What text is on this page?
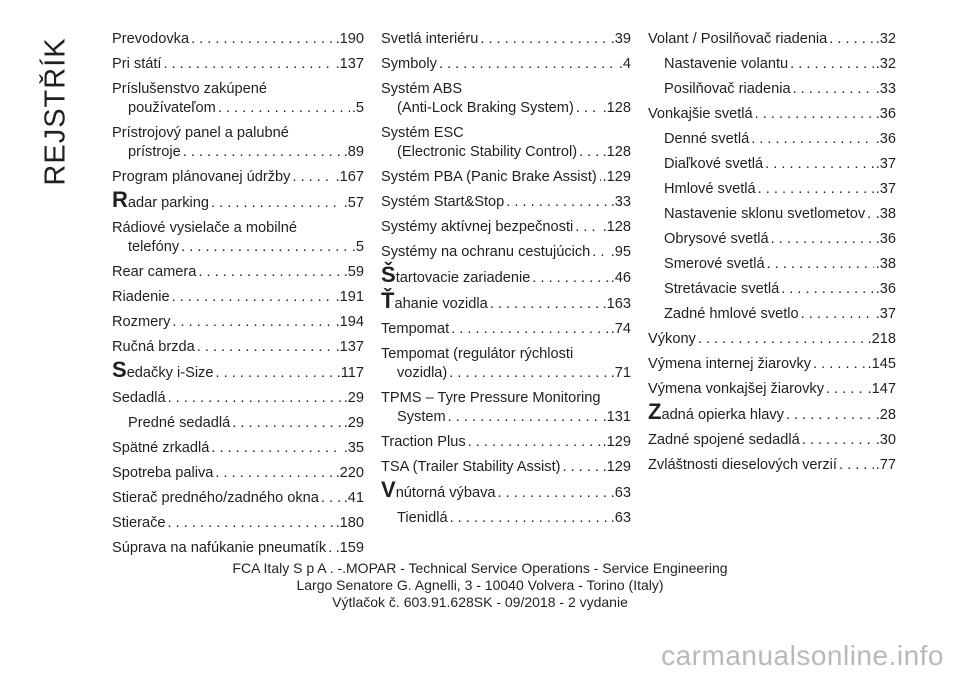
REJSTŘÍK	Prevodovka . . .	.190
Pri státí . . .	.137
Príslušenstvo zakúpené
používateľom . . .	.5
Prístrojový panel a palubné
prístroje . . .	.89
Program plánovanej údržby . . .	.167
Radar parking . . .	.57
Rádiové vysielače a mobilné
telefóny . . .	.5
Rear camera . . .	.59
Riadenie . . .	.191
Rozmery . . .	.194
Ručná brzda . . .	.137
Sedačky i-Size . . .	.117
Sedadlá . . .	.29
Predné sedadlá . . .	.29
Spätné zrkadlá . . .	.35
Spotreba paliva . . .	.220
Stierač predného/zadného okna . . . .41
Stierače . . .	.180
Súprava na nafúkanie pneumatík . . . .159
Svetlá interiéru . . .	.39
Symboly . . .	.4
Systém ABS
(Anti-Lock Braking System) . . . .128
Systém ESC
(Electronic Stability Control) . . . .128
Systém PBA (Panic Brake Assist) . . . .129
Systém Start&Stop . . .	.33
Systémy aktívnej bezpečnosti . . . .128
Systémy na ochranu cestujúcich . . . .95
Štartovacie zariadenie . . .	.46
Ťahanie vozidla . . .	.163
Tempomat . . .	.74
Tempomat (regulátor rýchlosti
vozidla) . . .	.71
TPMS – Tyre Pressure Monitoring
System . . .	.131
Traction Plus . . .	.129
TSA (Trailer Stability Assist) . . .	.129
Vnútorná výbava . . .	.63
Tienidlá . . .	.63
Volant / Posilňovač riadenia . . .	.32
Nastavenie volantu . . .	.32
Posilňovač riadenia . . .	.33
Vonkajšie svetlá . . .	.36
Denné svetlá . . .	.36
Diaľkové svetlá . . .	.37
Hmlové svetlá . . .	.37
Nastavenie sklonu svetlometov . . . .38
Obrysové svetlá . . .	.36
Smerové svetlá . . .	.38
Stretávacie svetlá . . .	.36
Zadné hmlové svetlo . . .	.37
Výkony . . .	.218
Výmena internej žiarovky . . .	.145
Výmena vonkajšej žiarovky . . .	.147
Zadná opierka hlavy . . .	.28
Zadné spojené sedadlá . . .	.30
Zvláštnosti dieselových verzií . . .	.77
FCA Italy S p A . -.MOPAR - Technical Service Operations - Service Engineering
Largo Senatore G. Agnelli, 3 - 10040 Volvera - Torino (Italy)
Výtlačok č. 603.91.628SK - 09/2018 - 2 vydanie
carmanualsonline.info
